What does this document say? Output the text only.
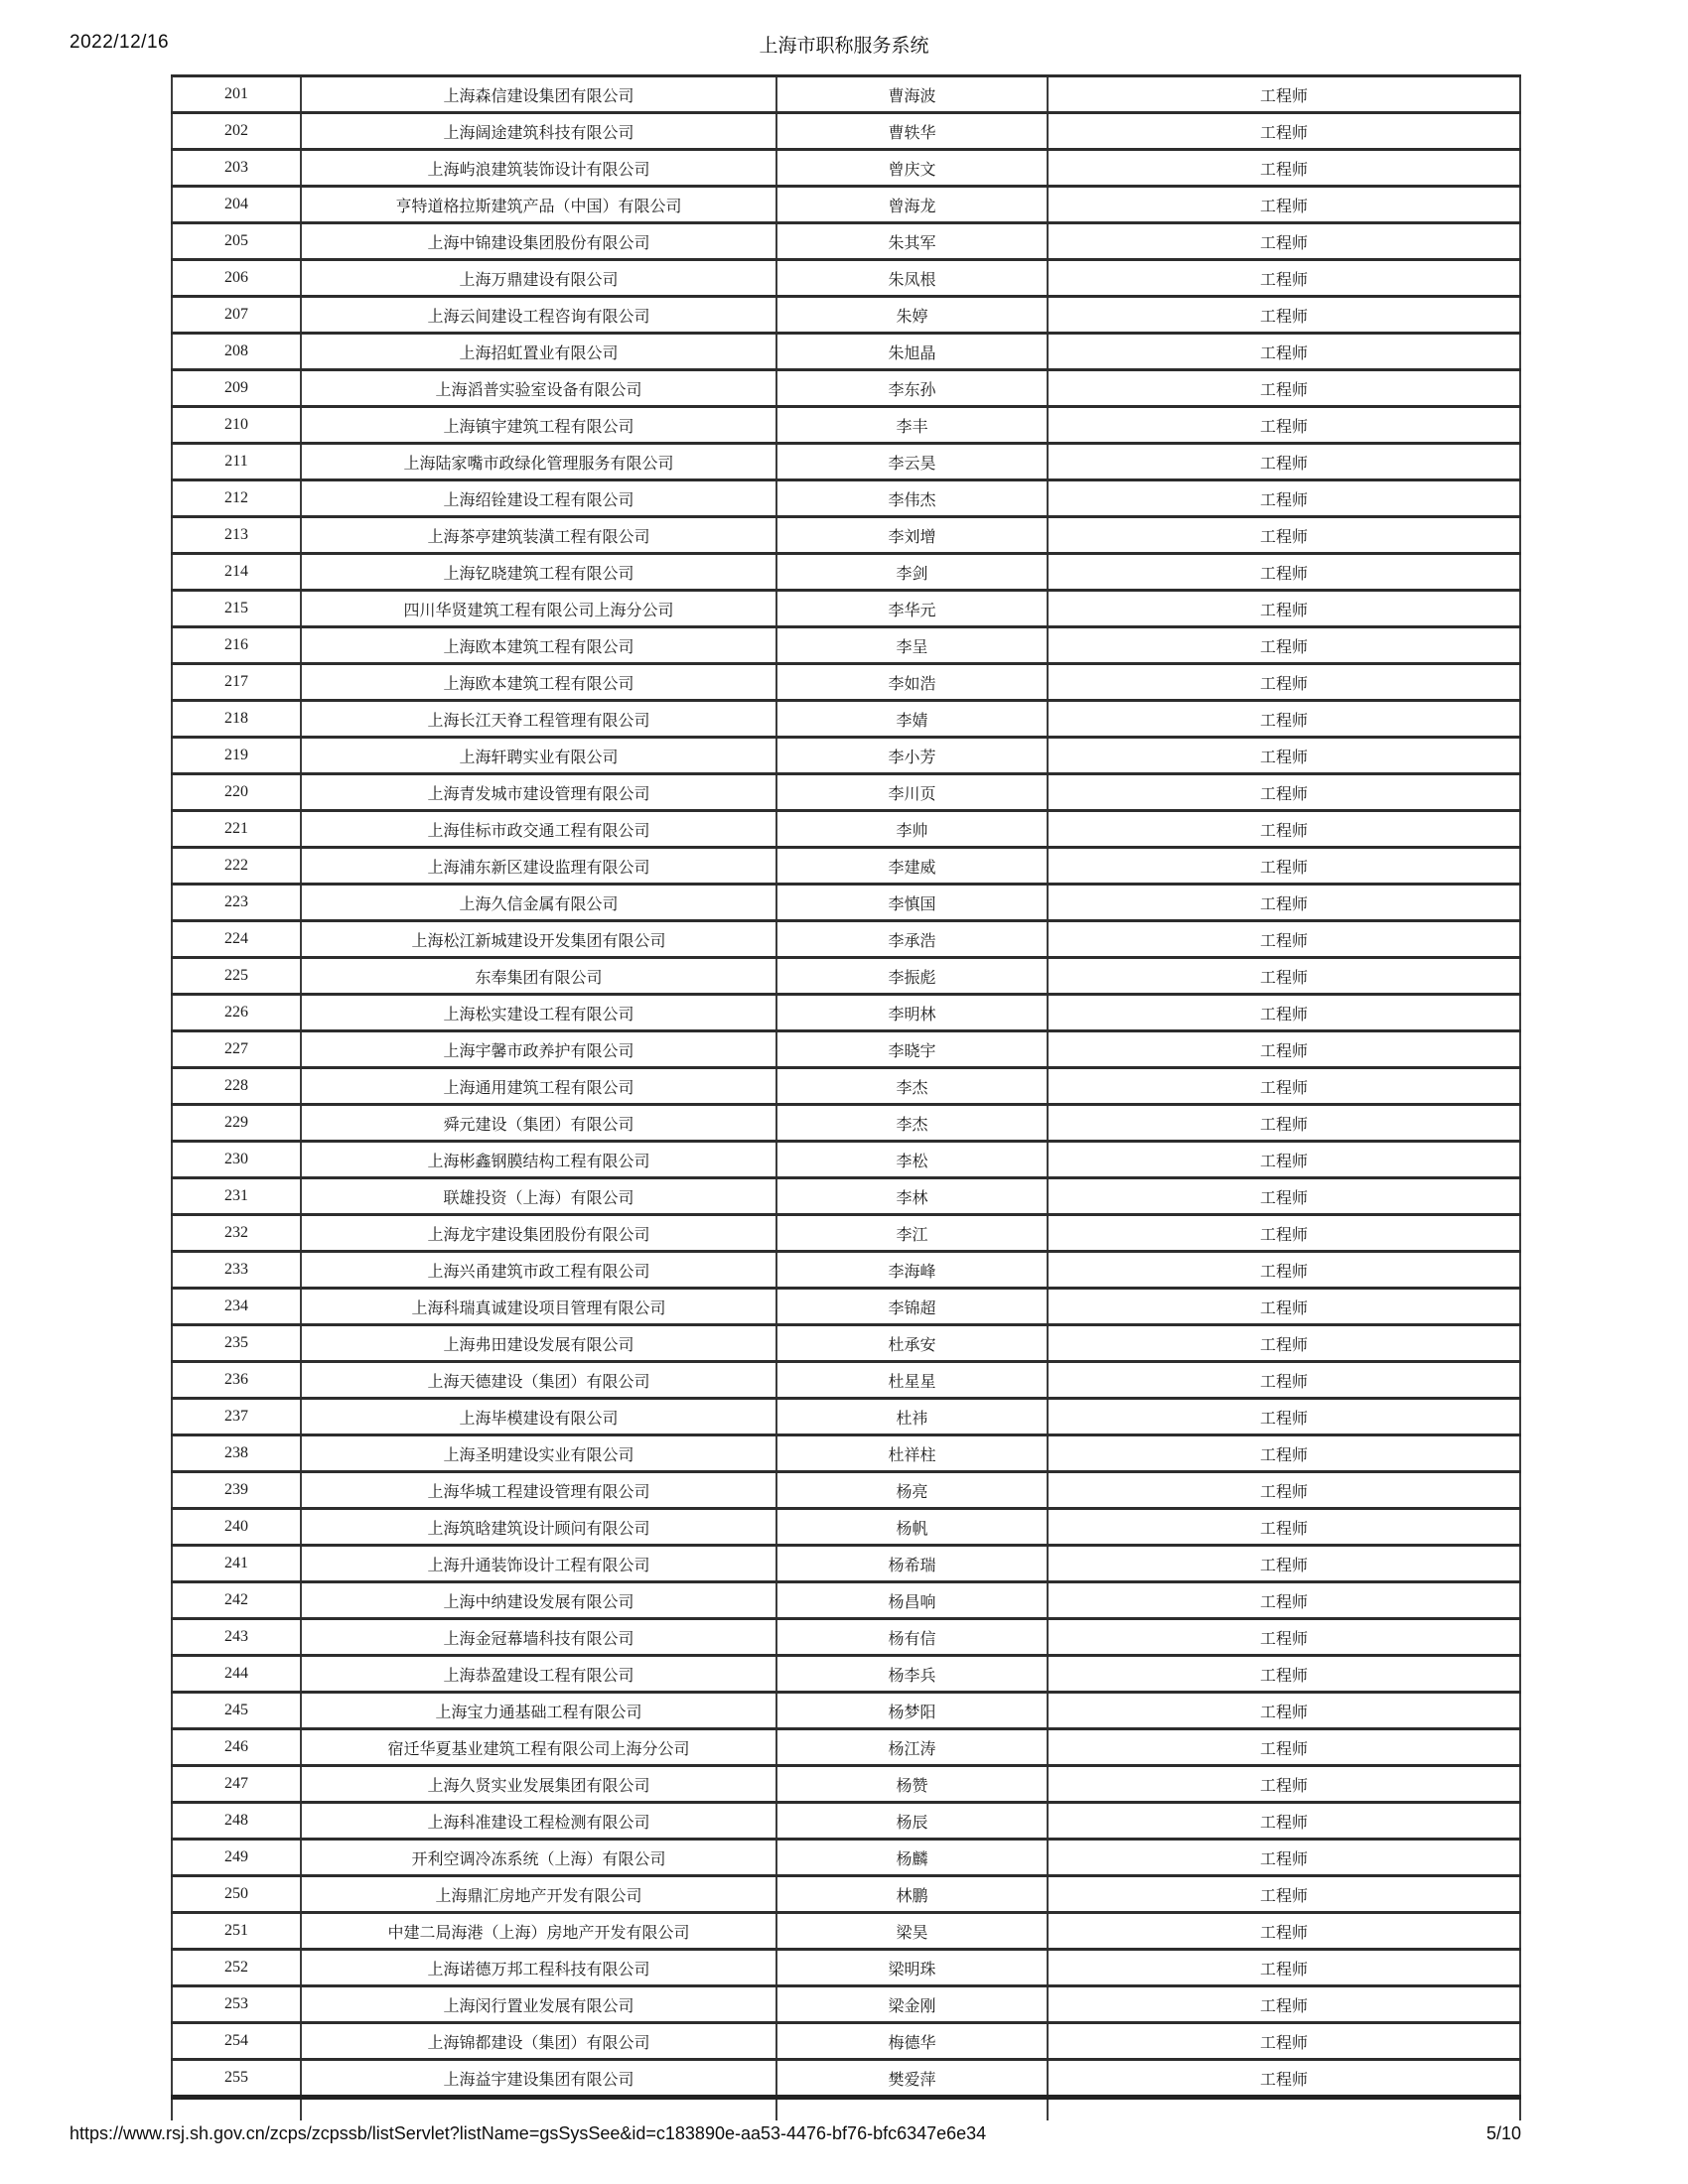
2022/12/16	上海市职称服务系统
201	上海森信建设集团有限公司	曹海波	工程师
202	上海阔途建筑科技有限公司	曹轶华	工程师
203	上海屿浪建筑装饰设计有限公司	曾庆文	工程师
204	亨特道格拉斯建筑产品（中国）有限公司	曾海龙	工程师
205	上海中锦建设集团股份有限公司	朱其军	工程师
206	上海万鼎建设有限公司	朱凤根	工程师
207	上海云间建设工程咨询有限公司	朱婷	工程师
208	上海招虹置业有限公司	朱旭晶	工程师
209	上海滔普实验室设备有限公司	李东孙	工程师
210	上海镇宇建筑工程有限公司	李丰	工程师
211	上海陆家嘴市政绿化管理服务有限公司	李云昊	工程师
212	上海绍铨建设工程有限公司	李伟杰	工程师
213	上海茶亭建筑装潢工程有限公司	李刘增	工程师
214	上海钇晓建筑工程有限公司	李剑	工程师
215	四川华贤建筑工程有限公司上海分公司	李华元	工程师
216	上海欧本建筑工程有限公司	李呈	工程师
217	上海欧本建筑工程有限公司	李如浩	工程师
218	上海长江天脊工程管理有限公司	李婧	工程师
219	上海轩聘实业有限公司	李小芳	工程师
220	上海青发城市建设管理有限公司	李川页	工程师
221	上海佳标市政交通工程有限公司	李帅	工程师
222	上海浦东新区建设监理有限公司	李建威	工程师
223	上海久信金属有限公司	李慎国	工程师
224	上海松江新城建设开发集团有限公司	李承浩	工程师
225	东奉集团有限公司	李振彪	工程师
226	上海松实建设工程有限公司	李明林	工程师
227	上海宇馨市政养护有限公司	李晓宇	工程师
228	上海通用建筑工程有限公司	李杰	工程师
229	舜元建设（集团）有限公司	李杰	工程师
230	上海彬鑫钢膜结构工程有限公司	李松	工程师
231	联雄投资（上海）有限公司	李林	工程师
232	上海龙宇建设集团股份有限公司	李江	工程师
233	上海兴甬建筑市政工程有限公司	李海峰	工程师
234	上海科瑞真诚建设项目管理有限公司	李锦超	工程师
235	上海弗田建设发展有限公司	杜承安	工程师
236	上海天德建设（集团）有限公司	杜星星	工程师
237	上海毕模建设有限公司	杜祎	工程师
238	上海圣明建设实业有限公司	杜祥柱	工程师
239	上海华城工程建设管理有限公司	杨亮	工程师
240	上海筑晗建筑设计顾问有限公司	杨帆	工程师
241	上海升通装饰设计工程有限公司	杨希瑞	工程师
242	上海中纳建设发展有限公司	杨昌响	工程师
243	上海金冠幕墙科技有限公司	杨有信	工程师
244	上海恭盈建设工程有限公司	杨李兵	工程师
245	上海宝力通基础工程有限公司	杨梦阳	工程师
246	宿迁华夏基业建筑工程有限公司上海分公司	杨江涛	工程师
247	上海久贤实业发展集团有限公司	杨赞	工程师
248	上海科准建设工程检测有限公司	杨辰	工程师
249	开利空调冷冻系统（上海）有限公司	杨麟	工程师
250	上海鼎汇房地产开发有限公司	林鹏	工程师
251	中建二局海港（上海）房地产开发有限公司	梁昊	工程师
252	上海诺德万邦工程科技有限公司	梁明珠	工程师
253	上海闵行置业发展有限公司	梁金刚	工程师
254	上海锦都建设（集团）有限公司	梅德华	工程师
255	上海益宇建设集团有限公司	樊爱萍	工程师

https://www.rsj.sh.gov.cn/zcps/zcpssb/listServlet?listName=gsSysSee&id=c183890e-aa53-4476-bf76-bfc6347e6e34	5/10
